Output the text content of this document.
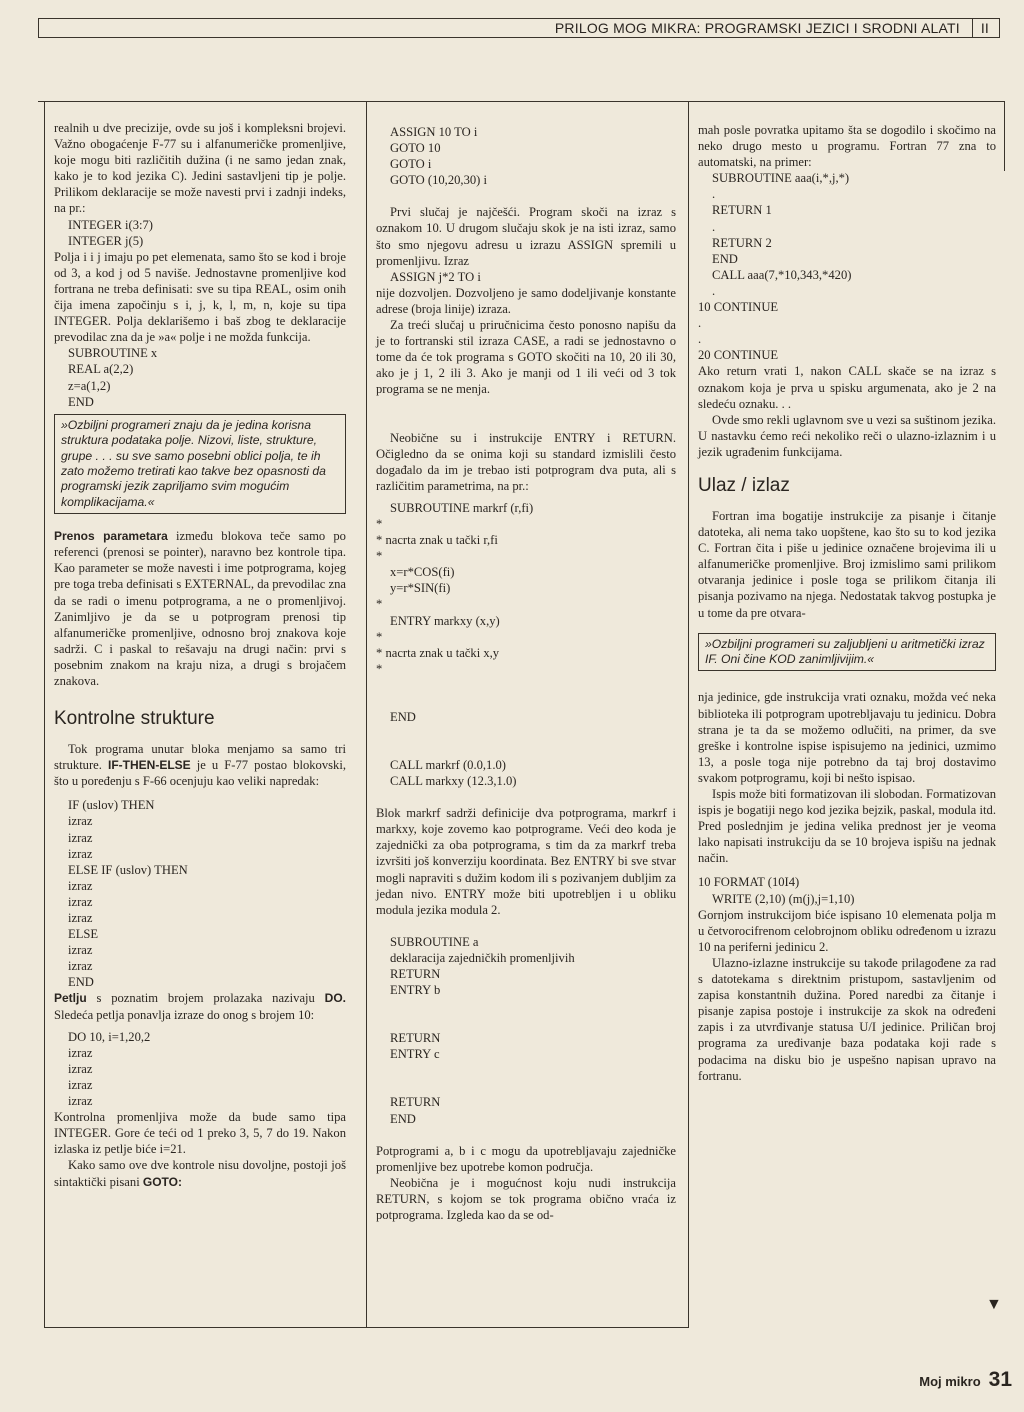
PRILOG MOG MIKRA: PROGRAMSKI JEZICI I SRODNI ALATI II

realnih u dve precizije, ovde su još i kompleksni brojevi. Važno obogaćenje F-77 su i alfanumeričke promenljive, koje mogu biti različitih dužina (i ne samo jedan znak, kako je to kod jezika C). Jedini sastavljeni tip je polje. Prilikom deklaracije se može navesti prvi i zadnji indeks, na pr.:

INTEGER i(3:7)
INTEGER j(5)

Polja i i j imaju po pet elemenata, samo što se kod i broje od 3, a kod j od 5 naviše. Jednostavne promenljive kod fortrana ne treba definisati: sve su tipa REAL, osim onih čija imena započinju s i, j, k, l, m, n, koje su tipa INTEGER. Polja deklarišemo i baš zbog te deklaracije prevodilac zna da je »a« polje i ne možda funkcija.

SUBROUTINE x
REAL a(2,2)
z=a(1,2)
END
»Ozbiljni programeri znaju da je jedina korisna struktura podataka polje. Nizovi, liste, strukture, grupe . . . su sve samo posebni oblici polja, te ih zato možemo tretirati kao takve bez opasnosti da programski jezik zapriljamo svim mogućim komplikacijama.«

Prenos parametara između blokova teče samo po referenci (prenosi se pointer), naravno bez kontrole tipa. Kao parameter se može navesti i ime potprograma, kojeg pre toga treba definisati s EXTERNAL, da prevodilac zna da se radi o imenu potprograma, a ne o promenljivoj. Zanimljivo je da se u potprogram prenosi tip alfanumeričke promenljive, odnosno broj znakova koje sadrži. C i paskal to rešavaju na drugi način: prvi s posebnim znakom na kraju niza, a drugi s brojačem znakova.

Kontrolne strukture

Tok programa unutar bloka menjamo sa samo tri strukture. IF-THEN-ELSE je u F-77 postao blokovski, što u poređenju s F-66 ocenjuju kao veliki napredak:

IF (uslov) THEN
izraz
izraz
izraz
ELSE IF (uslov) THEN
izraz
izraz
izraz
ELSE
izraz
izraz
END

Petlju s poznatim brojem prolazaka nazivaju DO. Sledeća petlja ponavlja izraze do onog s brojem 10:

DO 10, i=1,20,2
izraz
izraz
izraz
izraz

Kontrolna promenljiva može da bude samo tipa INTEGER. Gore će teći od 1 preko 3, 5, 7 do 19. Nakon izlaska iz petlje biće i=21.

Kako samo ove dve kontrole nisu dovoljne, postoji još sintaktički pisani GOTO:

ASSIGN 10 TO i
GOTO 10
GOTO i
GOTO (10,20,30) i

Prvi slučaj je najčešći. Program skoči na izraz s oznakom 10. U drugom slučaju skok je na isti izraz, samo što smo njegovu adresu u izrazu ASSIGN spremili u promenljivu. Izraz

ASSIGN j*2 TO i

nije dozvoljen. Dozvoljeno je samo dodeljivanje konstante adrese (broja linije) izraza.

Za treći slučaj u priručnicima često ponosno napišu da je to fortranski stil izraza CASE, a radi se jednostavno o tome da će tok programa s GOTO skočiti na 10, 20 ili 30, ako je j 1, 2 ili 3. Ako je manji od 1 ili veći od 3 tok programa se ne menja.

Neobične su i instrukcije ENTRY i RETURN. Očigledno da se onima koji su standard izmislili često događalo da im je trebao isti potprogram dva puta, ali s različitim parametrima, na pr.:

SUBROUTINE markrf (r,fi)
*
* nacrta znak u tački r,fi
*
x=r*COS(fi)
y=r*SIN(fi)
*
ENTRY markxy (x,y)
*
* nacrta znak u tački x,y
*
END
CALL markrf (0.0,1.0)
CALL markxy (12.3,1.0)

Blok markrf sadrži definicije dva potprograma, markrf i markxy, koje zovemo kao potprograme. Veći deo koda je zajednički za oba potprograma, s tim da za markrf treba izvršiti još konverziju koordinata. Bez ENTRY bi sve stvar mogli napraviti s dužim kodom ili s pozivanjem dubljim za jedan nivo. ENTRY može biti upotrebljen i u obliku modula jezika modula 2.

SUBROUTINE a
deklaracija zajedničkih promenljivih
RETURN
ENTRY b
RETURN
ENTRY c
RETURN
END

Potprogrami a, b i c mogu da upotrebljavaju zajedničke promenljive bez upotrebe komon područja.

Neobična je i mogućnost koju nudi instrukcija RETURN, s kojom se tok programa obično vraća iz potprograma. Izgleda kao da se od-

mah posle povratka upitamo šta se dogodilo i skočimo na neko drugo mesto u programu. Fortran 77 zna to automatski, na primer:

SUBROUTINE aaa(i,*,j,*)
.
RETURN 1
.
RETURN 2
END
CALL aaa(7,*10,343,*420)
.
10 CONTINUE
.
.
20 CONTINUE

Ako return vrati 1, nakon CALL skače se na izraz s oznakom koja je prva u spisku argumenata, ako je 2 na sledeću oznaku. . .

Ovde smo rekli uglavnom sve u vezi sa suštinom jezika. U nastavku ćemo reći nekoliko reči o ulazno-izlaznim i u jezik ugrađenim funkcijama.

Ulaz / izlaz

Fortran ima bogatije instrukcije za pisanje i čitanje datoteka, ali nema tako uopštene, kao što su to kod jezika C. Fortran čita i piše u jedinice označene brojevima ili u alfanumeričke promenljive. Broj izmislimo sami prilikom otvaranja jedinice i posle toga se prilikom čitanja ili pisanja pozivamo na njega. Nedostatak takvog postupka je u tome da pre otvara-

»Ozbiljni programeri su zaljubljeni u aritmetički izraz IF. Oni čine KOD zanimljivijim.«

nja jedinice, gde instrukcija vrati oznaku, možda već neka biblioteka ili potprogram upotrebljavaju tu jedinicu. Dobra strana je ta da se možemo odlučiti, na primer, da sve greške i kontrolne ispise ispisujemo na jedinici, uzmimo 13, a posle toga nije potrebno da taj broj dostavimo svakom potprogramu, koji bi nešto ispisao.

Ispis može biti formatizovan ili slobodan. Formatizovan ispis je bogatiji nego kod jezika bejzik, paskal, modula itd. Pred poslednjim je jedina velika prednost jer je veoma lako napisati instrukciju da se 10 brojeva ispišu na jednak način.

10 FORMAT (10I4)
WRITE (2,10) (m(j),j=1,10)

Gornjom instrukcijom biće ispisano 10 elemenata polja m u četvorocifrenom celobrojnom obliku određenom u izrazu 10 na periferni jedinicu 2.

Ulazno-izlazne instrukcije su takođe prilagođene za rad s datotekama s direktnim pristupom, sastavljenim od zapisa konstantnih dužina. Pored naredbi za čitanje i pisanje zapisa postoje i instrukcije za skok na određeni zapis i za utvrđivanje statusa U/I jedinice. Priličan broj programa za uređivanje baza podataka koji rade s podacima na disku bio je uspešno napisan upravo na fortranu.

▼
Moj mikro 31
